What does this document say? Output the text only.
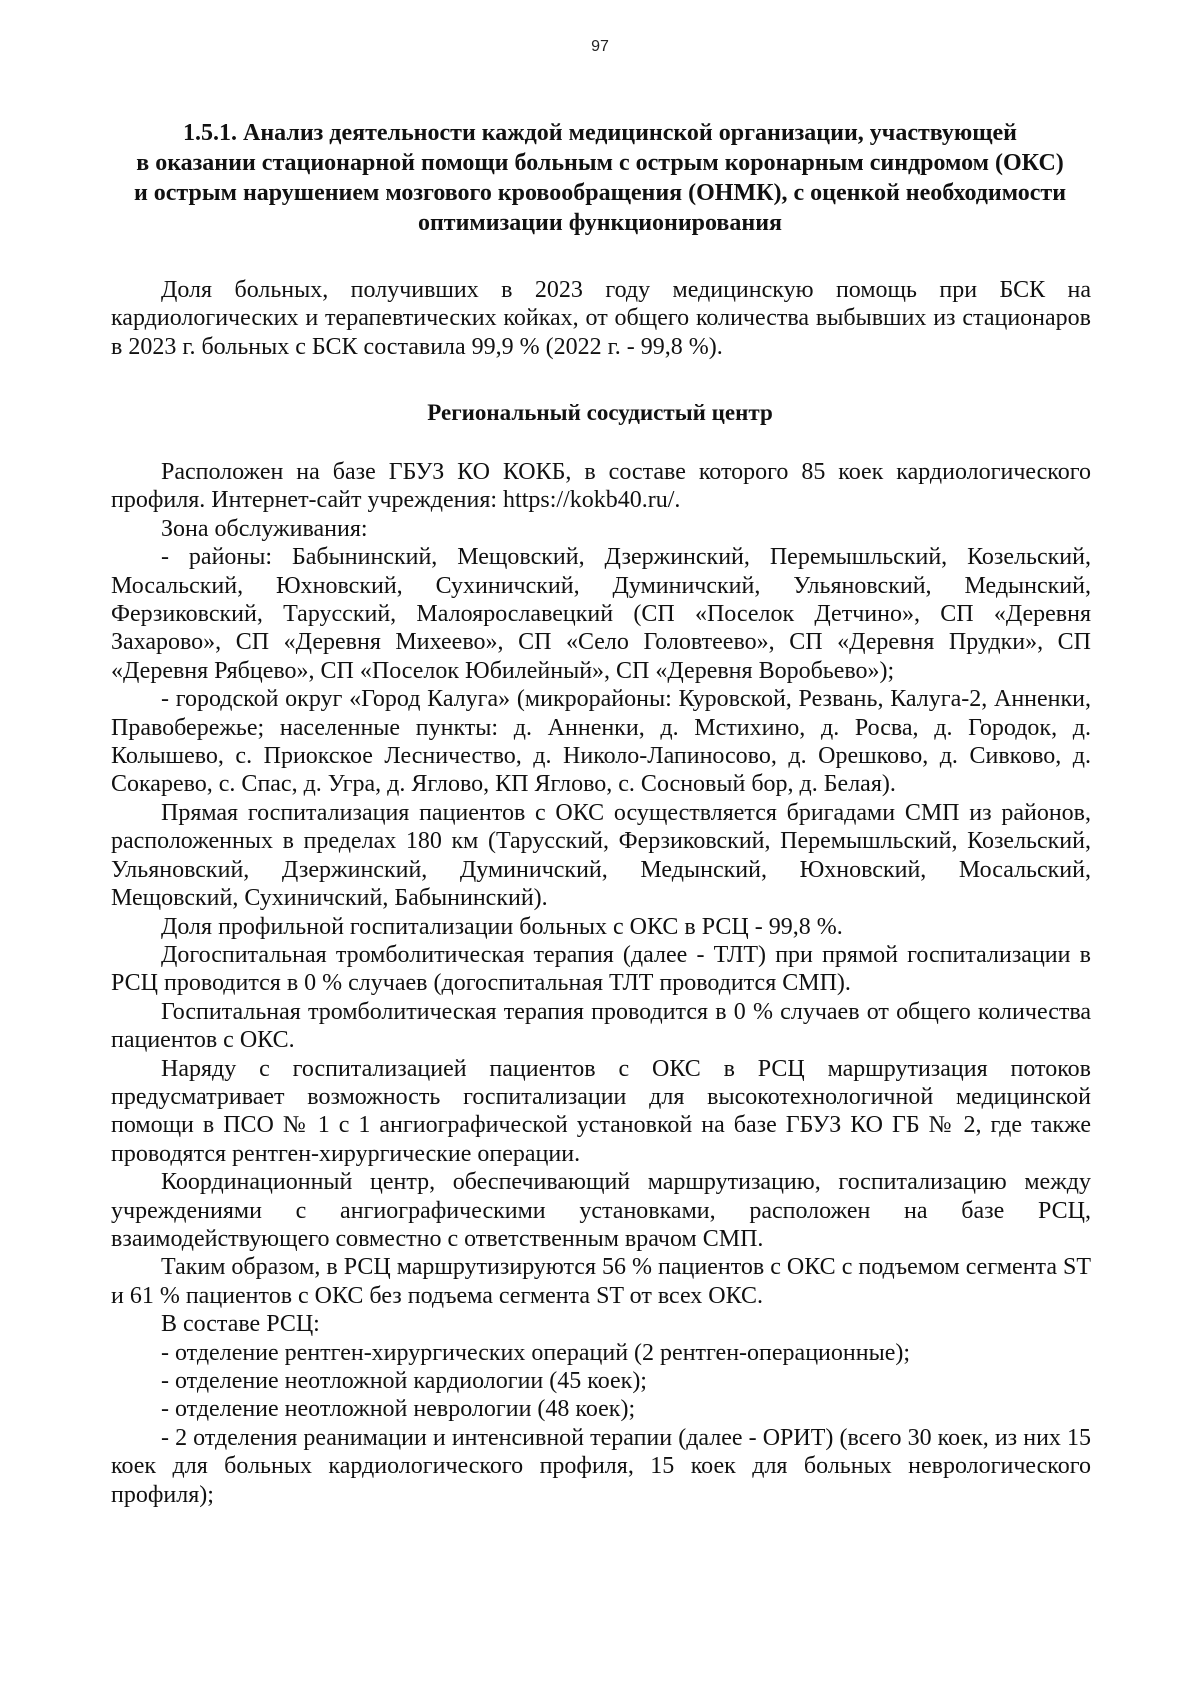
97
1.5.1. Анализ деятельности каждой медицинской организации, участвующей
в оказании стационарной помощи больным с острым коронарным синдромом (ОКС)
и острым нарушением мозгового кровообращения (ОНМК), с оценкой необходимости
оптимизации функционирования

Доля больных, получивших в 2023 году медицинскую помощь при БСК на кардиологических и терапевтических койках, от общего количества выбывших из стационаров в 2023 г. больных с БСК составила 99,9 % (2022 г. - 99,8 %).

Региональный сосудистый центр

Расположен на базе ГБУЗ КО КОКБ, в составе которого 85 коек кардиологического профиля. Интернет-сайт учреждения: https://kokb40.ru/.

Зона обслуживания:

- районы: Бабынинский, Мещовский, Дзержинский, Перемышльский, Козельский, Мосальский, Юхновский, Сухиничский, Думиничский, Ульяновский, Медынский, Ферзиковский, Тарусский, Малоярославецкий (СП «Поселок Детчино», СП «Деревня Захарово», СП «Деревня Михеево», СП «Село Головтеево», СП «Деревня Прудки», СП «Деревня Рябцево», СП «Поселок Юбилейный», СП «Деревня Воробьево»);

- городской округ «Город Калуга» (микрорайоны: Куровской, Резвань, Калуга-2, Анненки, Правобережье; населенные пункты: д. Анненки, д. Мстихино, д. Росва, д. Городок, д. Колышево, с. Приокское Лесничество, д. Николо-Лапиносово, д. Орешково, д. Сивково, д. Сокарево, с. Спас, д. Угра, д. Яглово, КП Яглово, с. Сосновый бор, д. Белая).

Прямая госпитализация пациентов с ОКС осуществляется бригадами СМП из районов, расположенных в пределах 180 км (Тарусский, Ферзиковский, Перемышльский, Козельский, Ульяновский, Дзержинский, Думиничский, Медынский, Юхновский, Мосальский, Мещовский, Сухиничский, Бабынинский).

Доля профильной госпитализации больных с ОКС в РСЦ - 99,8 %.

Догоспитальная тромболитическая терапия (далее - ТЛТ) при прямой госпитализации в РСЦ проводится в 0 % случаев (догоспитальная ТЛТ проводится СМП).

Госпитальная тромболитическая терапия проводится в 0 % случаев от общего количества пациентов с ОКС.

Наряду с госпитализацией пациентов с ОКС в РСЦ маршрутизация потоков предусматривает возможность госпитализации для высокотехнологичной медицинской помощи в ПСО № 1 с 1 ангиографической установкой на базе ГБУЗ КО ГБ № 2, где также проводятся рентген-хирургические операции.

Координационный центр, обеспечивающий маршрутизацию, госпитализацию между учреждениями с ангиографическими установками, расположен на базе РСЦ, взаимодействующего совместно с ответственным врачом СМП.

Таким образом, в РСЦ маршрутизируются 56 % пациентов с ОКС с подъемом сегмента ST и 61 % пациентов с ОКС без подъема сегмента ST от всех ОКС.

В составе РСЦ:

- отделение рентген-хирургических операций (2 рентген-операционные);

- отделение неотложной кардиологии (45 коек);

- отделение неотложной неврологии (48 коек);

- 2 отделения реанимации и интенсивной терапии (далее - ОРИТ) (всего 30 коек, из них 15 коек для больных кардиологического профиля, 15 коек для больных неврологического профиля);
